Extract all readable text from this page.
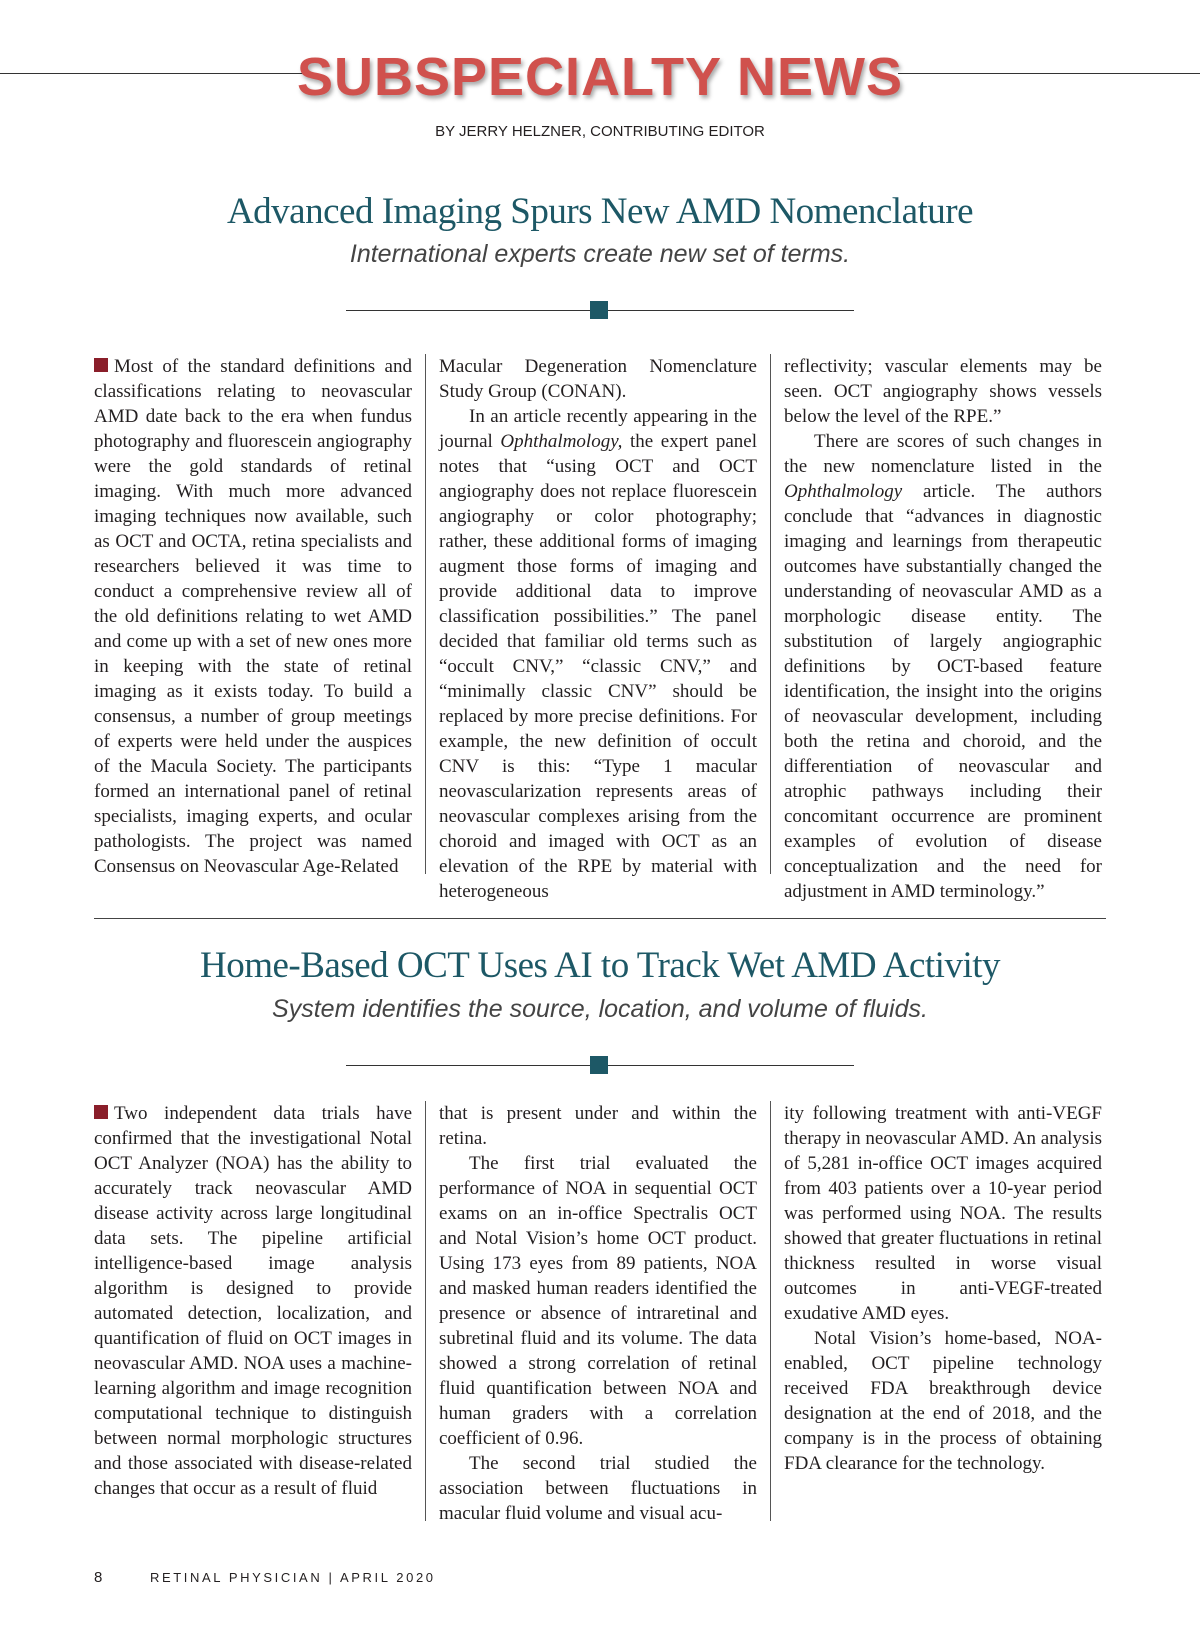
SUBSPECIALTY NEWS
BY JERRY HELZNER, CONTRIBUTING EDITOR
Advanced Imaging Spurs New AMD Nomenclature
International experts create new set of terms.

Most of the standard definitions and classifications relating to neovascular AMD date back to the era when fundus photography and fluorescein angiography were the gold standards of retinal imaging. With much more advanced imaging techniques now available, such as OCT and OCTA, retina specialists and researchers believed it was time to conduct a comprehensive review all of the old definitions relating to wet AMD and come up with a set of new ones more in keeping with the state of retinal imaging as it exists today. To build a consensus, a number of group meetings of experts were held under the auspices of the Macula Society. The participants formed an international panel of retinal specialists, imaging experts, and ocular pathologists. The project was named Consensus on Neovascular Age-Related

Macular Degeneration Nomenclature Study Group (CONAN).

In an article recently appearing in the journal Ophthalmology, the expert panel notes that “using OCT and OCT angiography does not replace fluorescein angiography or color photography; rather, these additional forms of imaging augment those forms of imaging and provide additional data to improve classification possibilities.” The panel decided that familiar old terms such as “occult CNV,” “classic CNV,” and “minimally classic CNV” should be replaced by more precise definitions. For example, the new definition of occult CNV is this: “Type 1 macular neovascularization represents areas of neovascular complexes arising from the choroid and imaged with OCT as an elevation of the RPE by material with heterogeneous

reflectivity; vascular elements may be seen. OCT angiography shows vessels below the level of the RPE.”

There are scores of such changes in the new nomenclature listed in the Ophthalmology article. The authors conclude that “advances in diagnostic imaging and learnings from therapeutic outcomes have substantially changed the understanding of neovascular AMD as a morphologic disease entity. The substitution of largely angiographic definitions by OCT-based feature identification, the insight into the origins of neovascular development, including both the retina and choroid, and the differentiation of neovascular and atrophic pathways including their concomitant occurrence are prominent examples of evolution of disease conceptualization and the need for adjustment in AMD terminology.”

Home-Based OCT Uses AI to Track Wet AMD Activity
System identifies the source, location, and volume of fluids.

Two independent data trials have confirmed that the investigational Notal OCT Analyzer (NOA) has the ability to accurately track neovascular AMD disease activity across large longitudinal data sets. The pipeline artificial intelligence-based image analysis algorithm is designed to provide automated detection, localization, and quantification of fluid on OCT images in neovascular AMD. NOA uses a machine-learning algorithm and image recognition computational technique to distinguish between normal morphologic structures and those associated with disease-related changes that occur as a result of fluid

that is present under and within the retina.

The first trial evaluated the performance of NOA in sequential OCT exams on an in-office Spectralis OCT and Notal Vision’s home OCT product. Using 173 eyes from 89 patients, NOA and masked human readers identified the presence or absence of intraretinal and subretinal fluid and its volume. The data showed a strong correlation of retinal fluid quantification between NOA and human graders with a correlation coefficient of 0.96.

The second trial studied the association between fluctuations in macular fluid volume and visual acu-

ity following treatment with anti-VEGF therapy in neovascular AMD. An analysis of 5,281 in-office OCT images acquired from 403 patients over a 10-year period was performed using NOA. The results showed that greater fluctuations in retinal thickness resulted in worse visual outcomes in anti-VEGF-treated exudative AMD eyes.

Notal Vision’s home-based, NOA-enabled, OCT pipeline technology received FDA breakthrough device designation at the end of 2018, and the company is in the process of obtaining FDA clearance for the technology.

8	RETINAL PHYSICIAN | APRIL 2020
